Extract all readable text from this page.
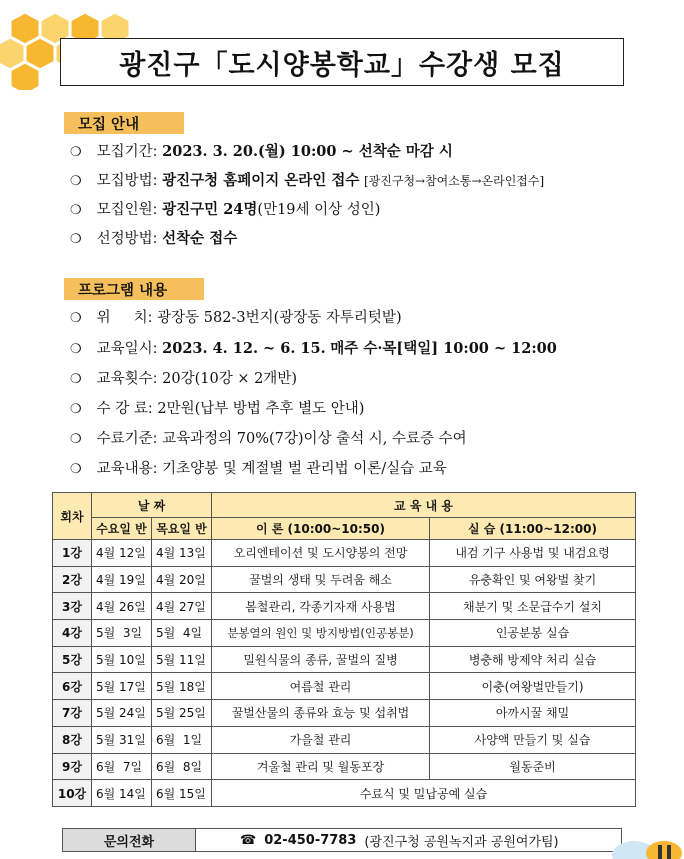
광진구「도시양봉학교」수강생 모집
모집 안내
❍ 모집기간: 2023. 3. 20.(월) 10:00 ~ 선착순 마감 시
❍ 모집방법: 광진구청 홈페이지 온라인 접수 [광진구청→참여소통→온라인접수]
❍ 모집인원: 광진구민 24명(만19세 이상 성인)
❍ 선정방법: 선착순 접수
프로그램 내용
❍ 위     치: 광장동 582-3번지(광장동 자투리텃밭)
❍ 교육일시: 2023. 4. 12. ~ 6. 15. 매주 수·목[택일] 10:00 ~ 12:00
❍ 교육횟수: 20강(10강 × 2개반)
❍ 수 강 료: 2만원(납부 방법 추후 별도 안내)
❍ 수료기준: 교육과정의 70%(7강)이상 출석 시, 수료증 수여
❍ 교육내용: 기초양봉 및 계절별 벌 관리법 이론/실습 교육
회차	날 짜		교 육 내 용	
	수요일 반	목요일 반	이 론 (10:00~10:50)	실 습 (11:00~12:00)
1강	4월 12일	4월 13일	오리엔테이션 및 도시양봉의 전망	내검 기구 사용법 및 내검요령
2강	4월 19일	4월 20일	꿀벌의 생태 및 두려움 해소	유충확인 및 여왕벌 찾기
3강	4월 26일	4월 27일	봄철관리, 각종기자재 사용법	채분기 및 소문급수기 설치
4강	5월  3일	5월  4일	분봉열의 원인 및 방지방법(인공봉분)	인공분봉 실습
5강	5월 10일	5월 11일	밀원식물의 종류, 꿀벌의 질병	병충해 방제약 처리 실습
6강	5월 17일	5월 18일	여름철 관리	이충(여왕벌만들기)
7강	5월 24일	5월 25일	꿀벌산물의 종류와 효능 및 섭취법	아까시꿀 채밀
8강	5월 31일	6월  1일	가을철 관리	사양액 만들기 및 실습
9강	6월  7일	6월  8일	겨울철 관리 및 월동포장	월동준비
10강	6월 14일	6월 15일	수료식 및 밀납공예 실습	
문의전화	☎ 02-450-7783 (광진구청 공원녹지과 공원여가팀)
